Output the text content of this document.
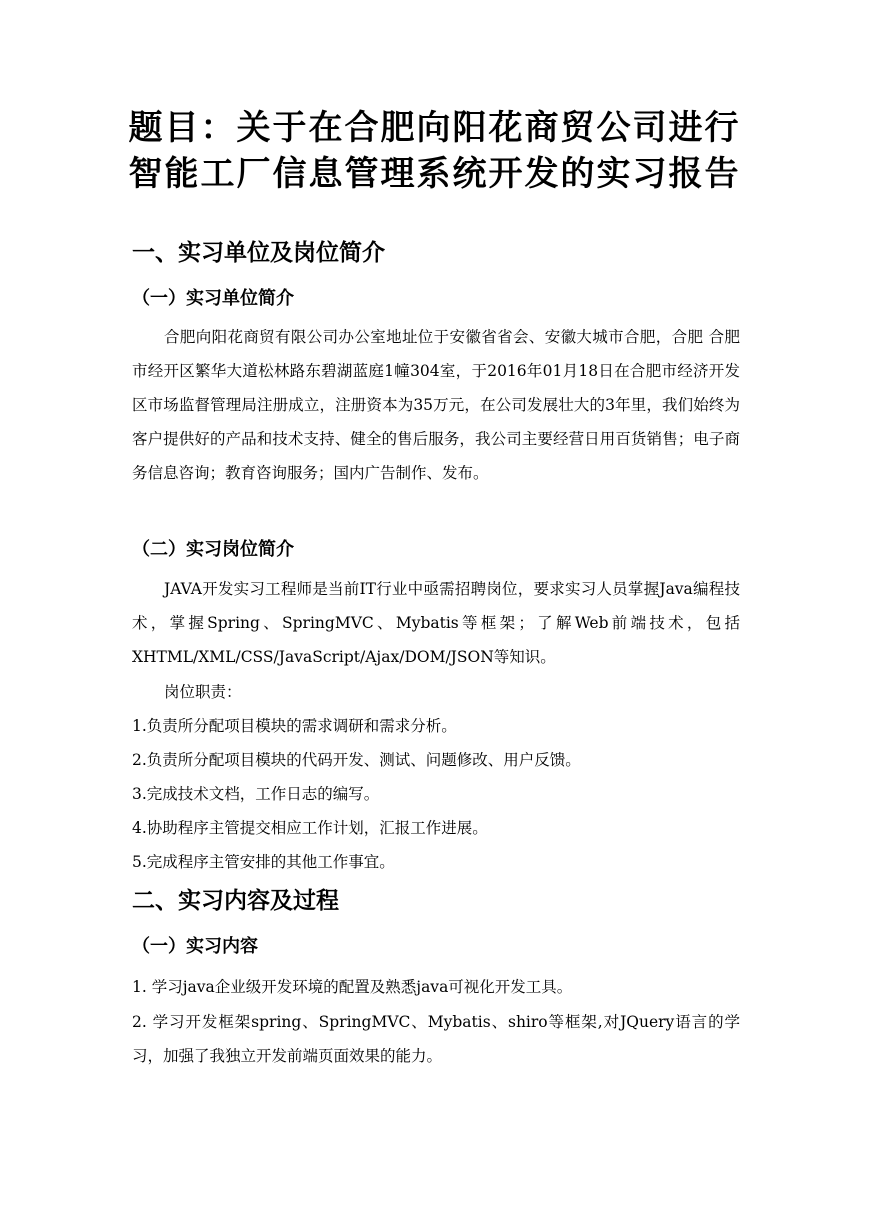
题目：关于在合肥向阳花商贸公司进行
智能工厂信息管理系统开发的实习报告
一、实习单位及岗位简介
（一）实习单位简介

合肥向阳花商贸有限公司办公室地址位于安徽省省会、安徽大城市合肥，合肥 合肥市经开区繁华大道松林路东碧湖蓝庭1幢304室，于2016年01月18日在合肥市经济开发区市场监督管理局注册成立，注册资本为35万元，在公司发展壮大的3年里，我们始终为客户提供好的产品和技术支持、健全的售后服务，我公司主要经营日用百货销售；电子商务信息咨询；教育咨询服务；国内广告制作、发布。

（二）实习岗位简介

JAVA开发实习工程师是当前IT行业中亟需招聘岗位，要求实习人员掌握Java编程技术，掌握Spring、SpringMVC、Mybatis等框架；了解Web前端技术，包括XHTML/XML/CSS/JavaScript/Ajax/DOM/JSON等知识。

岗位职责：

1.负责所分配项目模块的需求调研和需求分析。

2.负责所分配项目模块的代码开发、测试、问题修改、用户反馈。

3.完成技术文档，工作日志的编写。

4.协助程序主管提交相应工作计划，汇报工作进展。

5.完成程序主管安排的其他工作事宜。

二、实习内容及过程
（一）实习内容

1. 学习java企业级开发环境的配置及熟悉java可视化开发工具。

2. 学习开发框架spring、SpringMVC、Mybatis、shiro等框架,对JQuery语言的学习，加强了我独立开发前端页面效果的能力。
